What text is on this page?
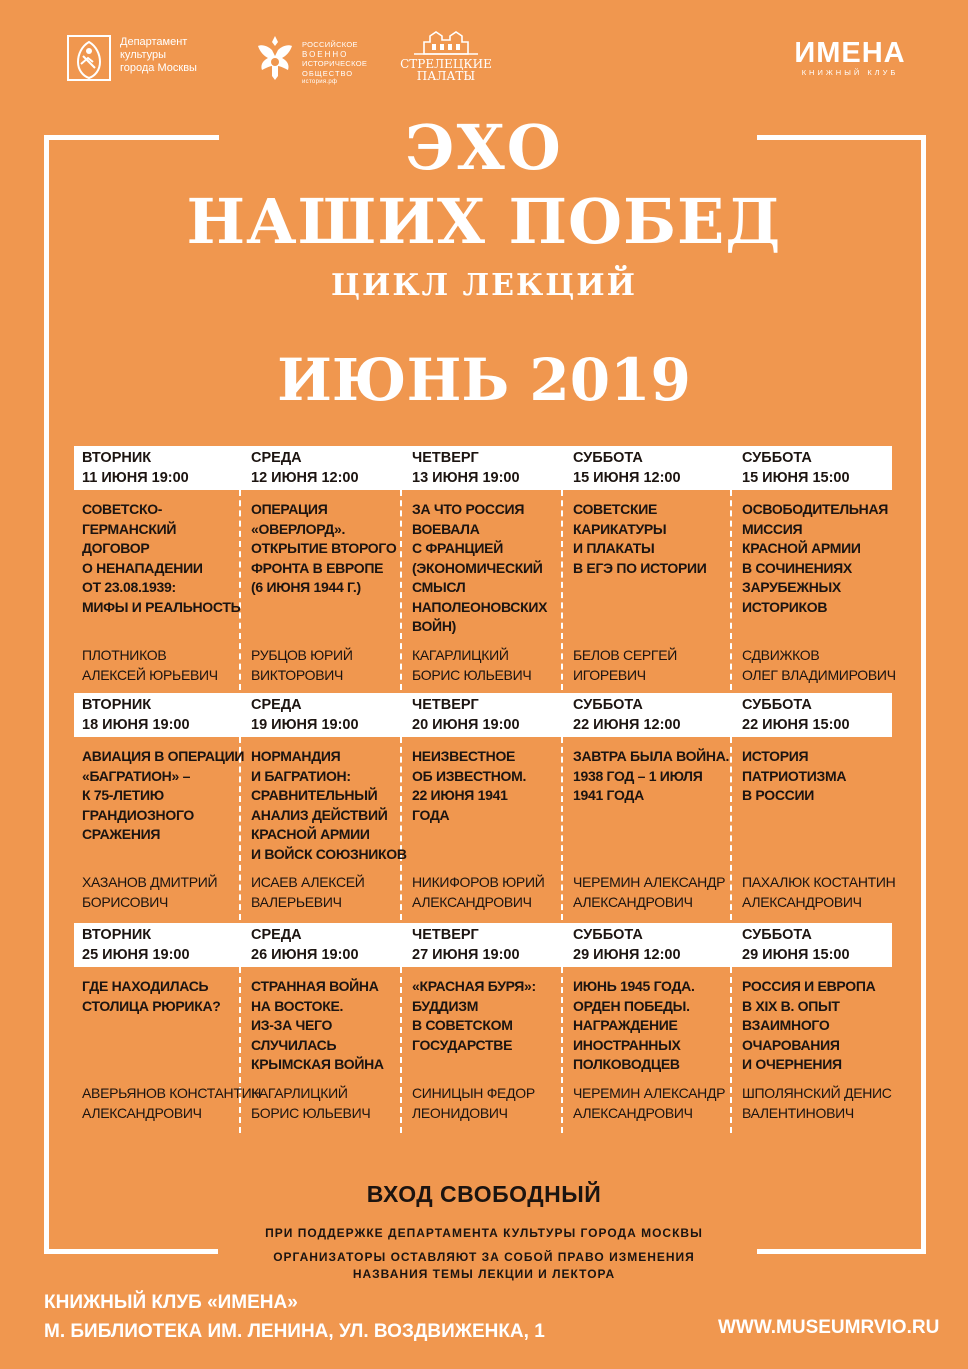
Департамент
культуры
города Москвы
РОССИЙСКОЕ
ВОЕННО
ИСТОРИЧЕСКОЕ
ОБЩЕСТВО
история.рф
СТРЕЛЕЦКИЕ
ПАЛАТЫ
ИМЕНА
КНИЖНЫЙ КЛУБ
ЭХО
НАШИХ ПОБЕД
ЦИКЛ ЛЕКЦИЙ
ИЮНЬ 2019
ВТОРНИК
11 ИЮНЯ 19:00
СОВЕТСКО-
ГЕРМАНСКИЙ
ДОГОВОР
О НЕНАПАДЕНИИ
ОТ 23.08.1939:
МИФЫ И РЕАЛЬНОСТЬ
ПЛОТНИКОВ
АЛЕКСЕЙ ЮРЬЕВИЧ
СРЕДА
12 ИЮНЯ 12:00
ОПЕРАЦИЯ
«ОВЕРЛОРД».
ОТКРЫТИЕ ВТОРОГО
ФРОНТА В ЕВРОПЕ
(6 ИЮНЯ 1944 Г.)
РУБЦОВ ЮРИЙ
ВИКТОРОВИЧ
ЧЕТВЕРГ
13 ИЮНЯ 19:00
ЗА ЧТО РОССИЯ
ВОЕВАЛА
С ФРАНЦИЕЙ
(ЭКОНОМИЧЕСКИЙ
СМЫСЛ
НАПОЛЕОНОВСКИХ
ВОЙН)
КАГАРЛИЦКИЙ
БОРИС ЮЛЬЕВИЧ
СУББОТА
15 ИЮНЯ 12:00
СОВЕТСКИЕ
КАРИКАТУРЫ
И ПЛАКАТЫ
В ЕГЭ ПО ИСТОРИИ
БЕЛОВ СЕРГЕЙ
ИГОРЕВИЧ
СУББОТА
15 ИЮНЯ 15:00
ОСВОБОДИТЕЛЬНАЯ
МИССИЯ
КРАСНОЙ АРМИИ
В СОЧИНЕНИЯХ
ЗАРУБЕЖНЫХ
ИСТОРИКОВ
СДВИЖКОВ
ОЛЕГ ВЛАДИМИРОВИЧ
ВТОРНИК
18 ИЮНЯ 19:00
АВИАЦИЯ В ОПЕРАЦИИ
«БАГРАТИОН» –
К 75-ЛЕТИЮ
ГРАНДИОЗНОГО
СРАЖЕНИЯ
ХАЗАНОВ ДМИТРИЙ
БОРИСОВИЧ
СРЕДА
19 ИЮНЯ 19:00
НОРМАНДИЯ
И БАГРАТИОН:
СРАВНИТЕЛЬНЫЙ
АНАЛИЗ ДЕЙСТВИЙ
КРАСНОЙ АРМИИ
И ВОЙСК СОЮЗНИКОВ
ИСАЕВ АЛЕКСЕЙ
ВАЛЕРЬЕВИЧ
ЧЕТВЕРГ
20 ИЮНЯ 19:00
НЕИЗВЕСТНОЕ
ОБ ИЗВЕСТНОМ.
22 ИЮНЯ 1941
ГОДА
НИКИФОРОВ ЮРИЙ
АЛЕКСАНДРОВИЧ
СУББОТА
22 ИЮНЯ 12:00
ЗАВТРА БЫЛА ВОЙНА.
1938 ГОД – 1 ИЮЛЯ
1941 ГОДА
ЧЕРЕМИН АЛЕКСАНДР
АЛЕКСАНДРОВИЧ
СУББОТА
22 ИЮНЯ 15:00
ИСТОРИЯ
ПАТРИОТИЗМА
В РОССИИ
ПАХАЛЮК КОСТАНТИН
АЛЕКСАНДРОВИЧ
ВТОРНИК
25 ИЮНЯ 19:00
ГДЕ НАХОДИЛАСЬ
СТОЛИЦА РЮРИКА?
АВЕРЬЯНОВ КОНСТАНТИН
АЛЕКСАНДРОВИЧ
СРЕДА
26 ИЮНЯ 19:00
СТРАННАЯ ВОЙНА
НА ВОСТОКЕ.
ИЗ-ЗА ЧЕГО
СЛУЧИЛАСЬ
КРЫМСКАЯ ВОЙНА
КАГАРЛИЦКИЙ
БОРИС ЮЛЬЕВИЧ
ЧЕТВЕРГ
27 ИЮНЯ 19:00
«КРАСНАЯ БУРЯ»:
БУДДИЗМ
В СОВЕТСКОМ
ГОСУДАРСТВЕ
СИНИЦЫН ФЕДОР
ЛЕОНИДОВИЧ
СУББОТА
29 ИЮНЯ 12:00
ИЮНЬ 1945 ГОДА.
ОРДЕН ПОБЕДЫ.
НАГРАЖДЕНИЕ
ИНОСТРАННЫХ
ПОЛКОВОДЦЕВ
ЧЕРЕМИН АЛЕКСАНДР
АЛЕКСАНДРОВИЧ
СУББОТА
29 ИЮНЯ 15:00
РОССИЯ И ЕВРОПА
В XIX В. ОПЫТ
ВЗАИМНОГО
ОЧАРОВАНИЯ
И ОЧЕРНЕНИЯ
ШПОЛЯНСКИЙ ДЕНИС
ВАЛЕНТИНОВИЧ
ВХОД СВОБОДНЫЙ
ПРИ ПОДДЕРЖКЕ ДЕПАРТАМЕНТА КУЛЬТУРЫ ГОРОДА МОСКВЫ
ОРГАНИЗАТОРЫ ОСТАВЛЯЮТ ЗА СОБОЙ ПРАВО ИЗМЕНЕНИЯ
НАЗВАНИЯ ТЕМЫ ЛЕКЦИИ И ЛЕКТОРА
КНИЖНЫЙ КЛУБ «ИМЕНА»
М. БИБЛИОТЕКА ИМ. ЛЕНИНА, УЛ. ВОЗДВИЖЕНКА, 1	WWW.MUSEUMRVIO.RU
